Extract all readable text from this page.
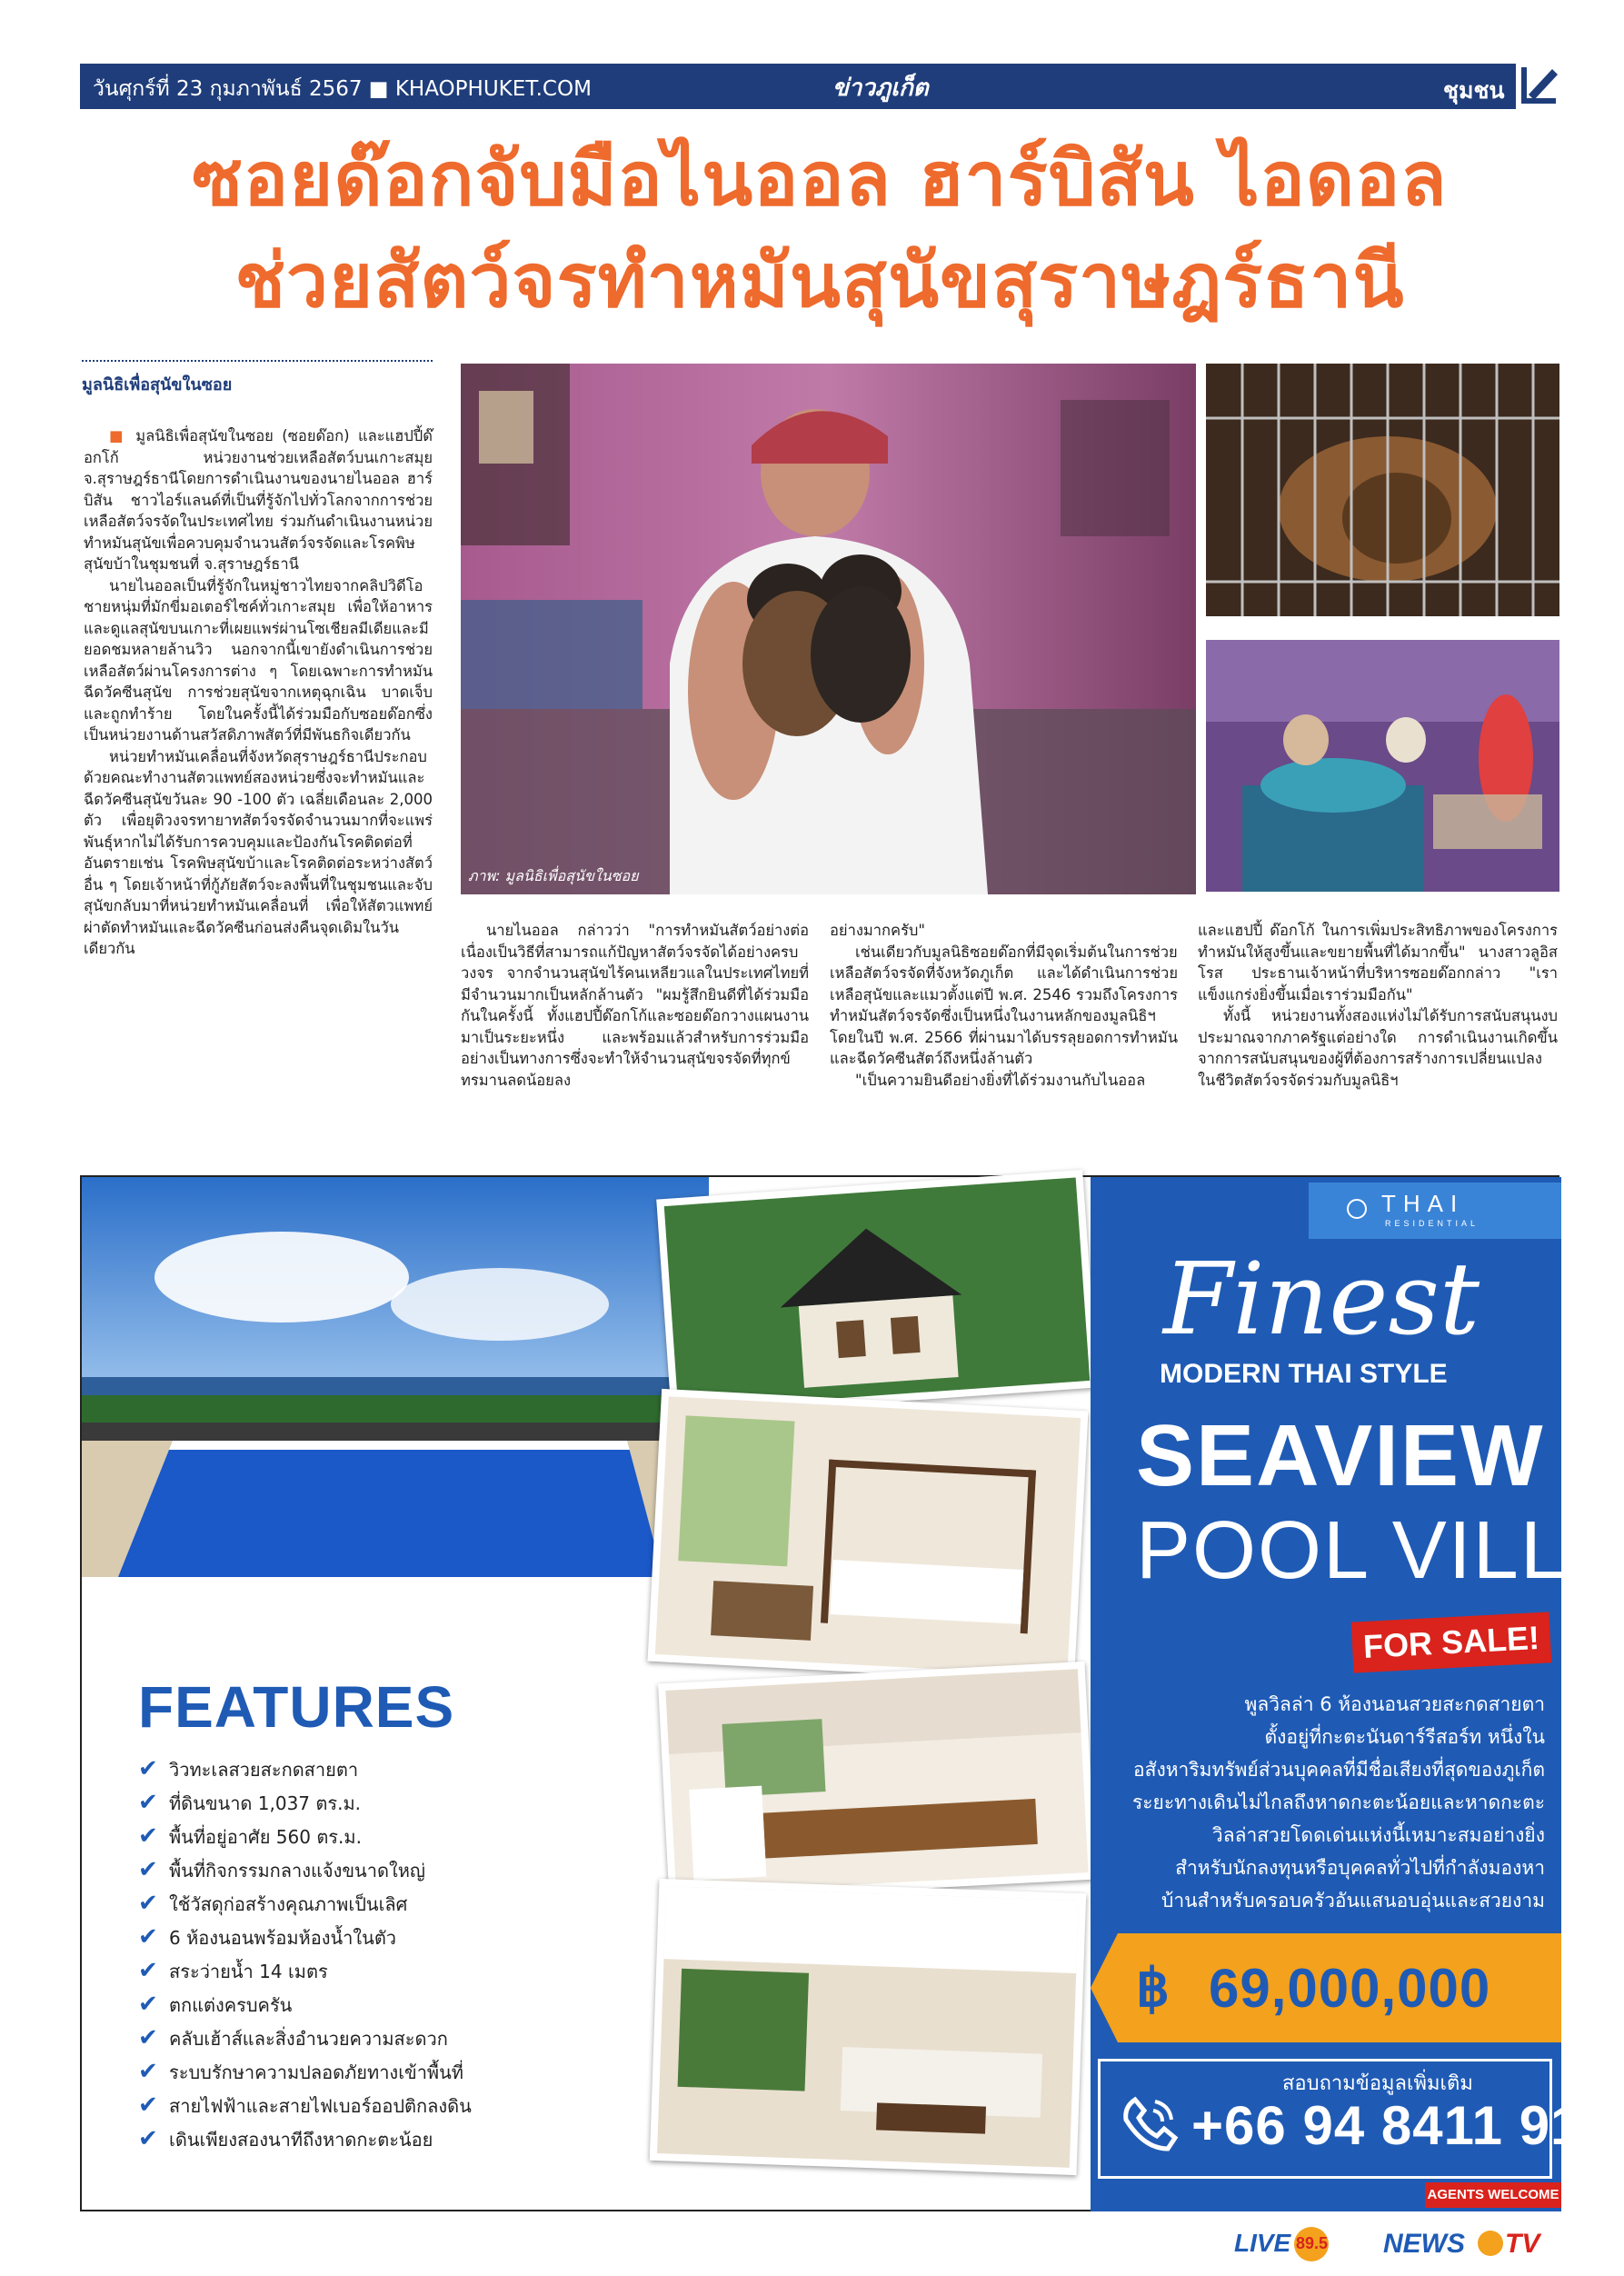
วันศุกร์ที่ 23 กุมภาพันธ์ 2567 ■ KHAOPHUKET.COM	ข่าวภูเก็ต	ชุมชน
ซอยด๊อกจับมือไนออล ฮาร์บิสัน ไอดอล
ช่วยสัตว์จรทำหมันสุนัขสุราษฎร์ธานี
มูลนิธิเพื่อสุนัขในซอย

■ มูลนิธิเพื่อสุนัขในซอย (ซอยด๊อก) และแฮปปี้ด๊อกโก้ หน่วยงานช่วยเหลือสัตว์บนเกาะสมุย จ.สุราษฎร์ธานีโดยการดำเนินงานของนายไนออล ฮาร์บิสัน ชาวไอร์แลนด์ที่เป็นที่รู้จักไปทั่วโลกจากการช่วยเหลือสัตว์จรจัดในประเทศไทย ร่วมกันดำเนินงานหน่วยทำหมันสุนัขเพื่อควบคุมจำนวนสัตว์จรจัดและโรคพิษสุนัขบ้าในชุมชนที่ จ.สุราษฎร์ธานี

นายไนออลเป็นที่รู้จักในหมู่ชาวไทยจากคลิปวิดีโอชายหนุ่มที่มักขี่มอเตอร์ไซค์ทั่วเกาะสมุย เพื่อให้อาหารและดูแลสุนัขบนเกาะที่เผยแพร่ผ่านโซเชียลมีเดียและมียอดชมหลายล้านวิว นอกจากนี้เขายังดำเนินการช่วยเหลือสัตว์ผ่านโครงการต่าง ๆ โดยเฉพาะการทำหมันฉีดวัคซีนสุนัข การช่วยสุนัขจากเหตุฉุกเฉิน บาดเจ็บ และถูกทำร้าย โดยในครั้งนี้ได้ร่วมมือกับซอยด๊อกซึ่งเป็นหน่วยงานด้านสวัสดิภาพสัตว์ที่มีพันธกิจเดียวกัน

หน่วยทำหมันเคลื่อนที่จังหวัดสุราษฎร์ธานีประกอบด้วยคณะทำงานสัตวแพทย์สองหน่วยซึ่งจะทำหมันและฉีดวัคซีนสุนัขวันละ 90 -100 ตัว เฉลี่ยเดือนละ 2,000 ตัว เพื่อยุติวงจรทายาทสัตว์จรจัดจำนวนมากที่จะแพร่พันธุ์หากไม่ได้รับการควบคุมและป้องกันโรคติดต่อที่อันตรายเช่น โรคพิษสุนัขบ้าและโรคติดต่อระหว่างสัตว์อื่น ๆ โดยเจ้าหน้าที่กู้ภัยสัตว์จะลงพื้นที่ในชุมชนและจับสุนัขกลับมาที่หน่วยทำหมันเคลื่อนที่ เพื่อให้สัตวแพทย์ผ่าตัดทำหมันและฉีดวัคซีนก่อนส่งคืนจุดเดิมในวันเดียวกัน

ภาพ: มูลนิธิเพื่อสุนัขในซอย

นายไนออล กล่าวว่า "การทำหมันสัตว์อย่างต่อเนื่องเป็นวิธีที่สามารถแก้ปัญหาสัตว์จรจัดได้อย่างครบวงจร จากจำนวนสุนัขไร้คนเหลียวแลในประเทศไทยที่มีจำนวนมากเป็นหลักล้านตัว "ผมรู้สึกยินดีที่ได้ร่วมมือกันในครั้งนี้ ทั้งแฮปปี้ด๊อกโก้และซอยด๊อกวางแผนงานมาเป็นระยะหนึ่ง และพร้อมแล้วสำหรับการร่วมมืออย่างเป็นทางการซึ่งจะทำให้จำนวนสุนัขจรจัดที่ทุกข์ทรมานลดน้อยลง

อย่างมากครับ"

เช่นเดียวกับมูลนิธิซอยด๊อกที่มีจุดเริ่มต้นในการช่วยเหลือสัตว์จรจัดที่จังหวัดภูเก็ต และได้ดำเนินการช่วยเหลือสุนัขและแมวตั้งแต่ปี พ.ศ. 2546 รวมถึงโครงการทำหมันสัตว์จรจัดซึ่งเป็นหนึ่งในงานหลักของมูลนิธิฯ โดยในปี พ.ศ. 2566 ที่ผ่านมาได้บรรลุยอดการทำหมันและฉีดวัคซีนสัตว์ถึงหนึ่งล้านตัว

"เป็นความยินดีอย่างยิ่งที่ได้ร่วมงานกับไนออล

และแฮปปี้ ด๊อกโก้ ในการเพิ่มประสิทธิภาพของโครงการทำหมันให้สูงขึ้นและขยายพื้นที่ได้มากขึ้น" นางสาวลูอิส โรส ประธานเจ้าหน้าที่บริหารซอยด๊อกกล่าว "เราแข็งแกร่งยิ่งขึ้นเมื่อเราร่วมมือกัน"

ทั้งนี้ หน่วยงานทั้งสองแห่งไม่ได้รับการสนับสนุนงบประมาณจากภาครัฐแต่อย่างใด การดำเนินงานเกิดขึ้นจากการสนับสนุนของผู้ที่ต้องการสร้างการเปลี่ยนแปลงในชีวิตสัตว์จรจัดร่วมกับมูลนิธิฯ

FEATURES
✔ วิวทะเลสวยสะกดสายตา
✔ ที่ดินขนาด 1,037 ตร.ม.
✔ พื้นที่อยู่อาศัย 560 ตร.ม.
✔ พื้นที่กิจกรรมกลางแจ้งขนาดใหญ่
✔ ใช้วัสดุก่อสร้างคุณภาพเป็นเลิศ
✔ 6 ห้องนอนพร้อมห้องน้ำในตัว
✔ สระว่ายน้ำ 14 เมตร
✔ ตกแต่งครบครัน
✔ คลับเฮ้าส์และสิ่งอำนวยความสะดวก
✔ ระบบรักษาความปลอดภัยทางเข้าพื้นที่
✔ สายไฟฟ้าและสายไฟเบอร์ออปติกลงดิน
✔ เดินเพียงสองนาทีถึงหาดกะตะน้อย
THAI
RESIDENTIAL
Finest
MODERN THAI STYLE
SEAVIEW
POOL VILLA
FOR SALE!
พูลวิลล่า 6 ห้องนอนสวยสะกดสายตา
ตั้งอยู่ที่กะตะนันดาร์รีสอร์ท หนึ่งใน
อสังหาริมทรัพย์ส่วนบุคคลที่มีชื่อเสียงที่สุดของภูเก็ต
ระยะทางเดินไม่ไกลถึงหาดกะตะน้อยและหาดกะตะ
วิลล่าสวยโดดเด่นแห่งนี้เหมาะสมอย่างยิ่ง
สำหรับนักลงทุนหรือบุคคลทั่วไปที่กำลังมองหา
บ้านสำหรับครอบครัวอันแสนอบอุ่นและสวยงาม
฿ 69,000,000
สอบถามข้อมูลเพิ่มเติม
+66 94 8411 918
AGENTS WELCOME
LIVE 89.5 NEWS TV
